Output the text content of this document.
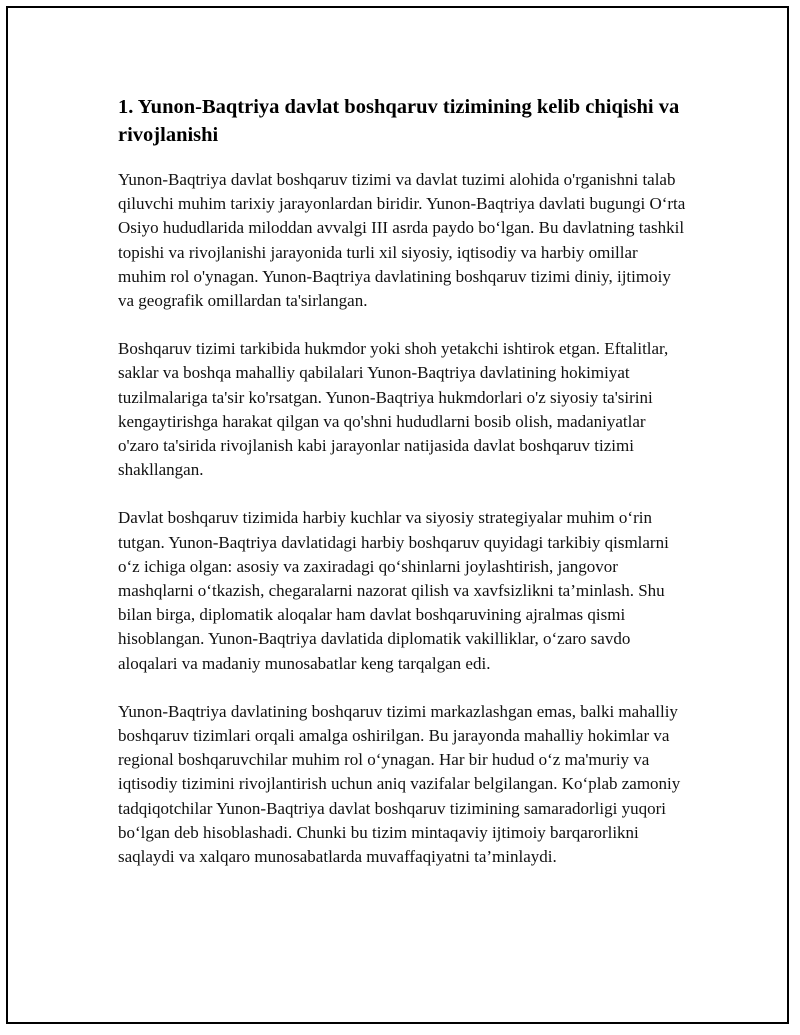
1. Yunon-Baqtriya davlat boshqaruv tizimining kelib chiqishi va rivojlanishi

Yunon-Baqtriya davlat boshqaruv tizimi va davlat tuzimi alohida o'rganishni talab qiluvchi muhim tarixiy jarayonlardan biridir. Yunon-Baqtriya davlati bugungi O‘rta Osiyo hududlarida miloddan avvalgi III asrda paydo bo‘lgan. Bu davlatning tashkil topishi va rivojlanishi jarayonida turli xil siyosiy, iqtisodiy va harbiy omillar muhim rol o'ynagan. Yunon-Baqtriya davlatining boshqaruv tizimi diniy, ijtimoiy va geografik omillardan ta'sirlangan.

Boshqaruv tizimi tarkibida hukmdor yoki shoh yetakchi ishtirok etgan. Eftalitlar, saklar va boshqa mahalliy qabilalari Yunon-Baqtriya davlatining hokimiyat tuzilmalariga ta'sir ko'rsatgan. Yunon-Baqtriya hukmdorlari o'z siyosiy ta'sirini kengaytirishga harakat qilgan va qo'shni hududlarni bosib olish, madaniyatlar o'zaro ta'sirida rivojlanish kabi jarayonlar natijasida davlat boshqaruv tizimi shakllangan.

Davlat boshqaruv tizimida harbiy kuchlar va siyosiy strategiyalar muhim o‘rin tutgan. Yunon-Baqtriya davlatidagi harbiy boshqaruv quyidagi tarkibiy qismlarni o‘z ichiga olgan: asosiy va zaxiradagi qo‘shinlarni joylashtirish, jangovor mashqlarni o‘tkazish, chegaralarni nazorat qilish va xavfsizlikni ta’minlash. Shu bilan birga, diplomatik aloqalar ham davlat boshqaruvining ajralmas qismi hisoblangan. Yunon-Baqtriya davlatida diplomatik vakilliklar, o‘zaro savdo aloqalari va madaniy munosabatlar keng tarqalgan edi.

Yunon-Baqtriya davlatining boshqaruv tizimi markazlashgan emas, balki mahalliy boshqaruv tizimlari orqali amalga oshirilgan. Bu jarayonda mahalliy hokimlar va regional boshqaruvchilar muhim rol o‘ynagan. Har bir hudud o‘z ma'muriy va iqtisodiy tizimini rivojlantirish uchun aniq vazifalar belgilangan. Ko‘plab zamoniy tadqiqotchilar Yunon-Baqtriya davlat boshqaruv tizimining samaradorligi yuqori bo‘lgan deb hisoblashadi. Chunki bu tizim mintaqaviy ijtimoiy barqarorlikni saqlaydi va xalqaro munosabatlarda muvaffaqiyatni ta’minlaydi.
